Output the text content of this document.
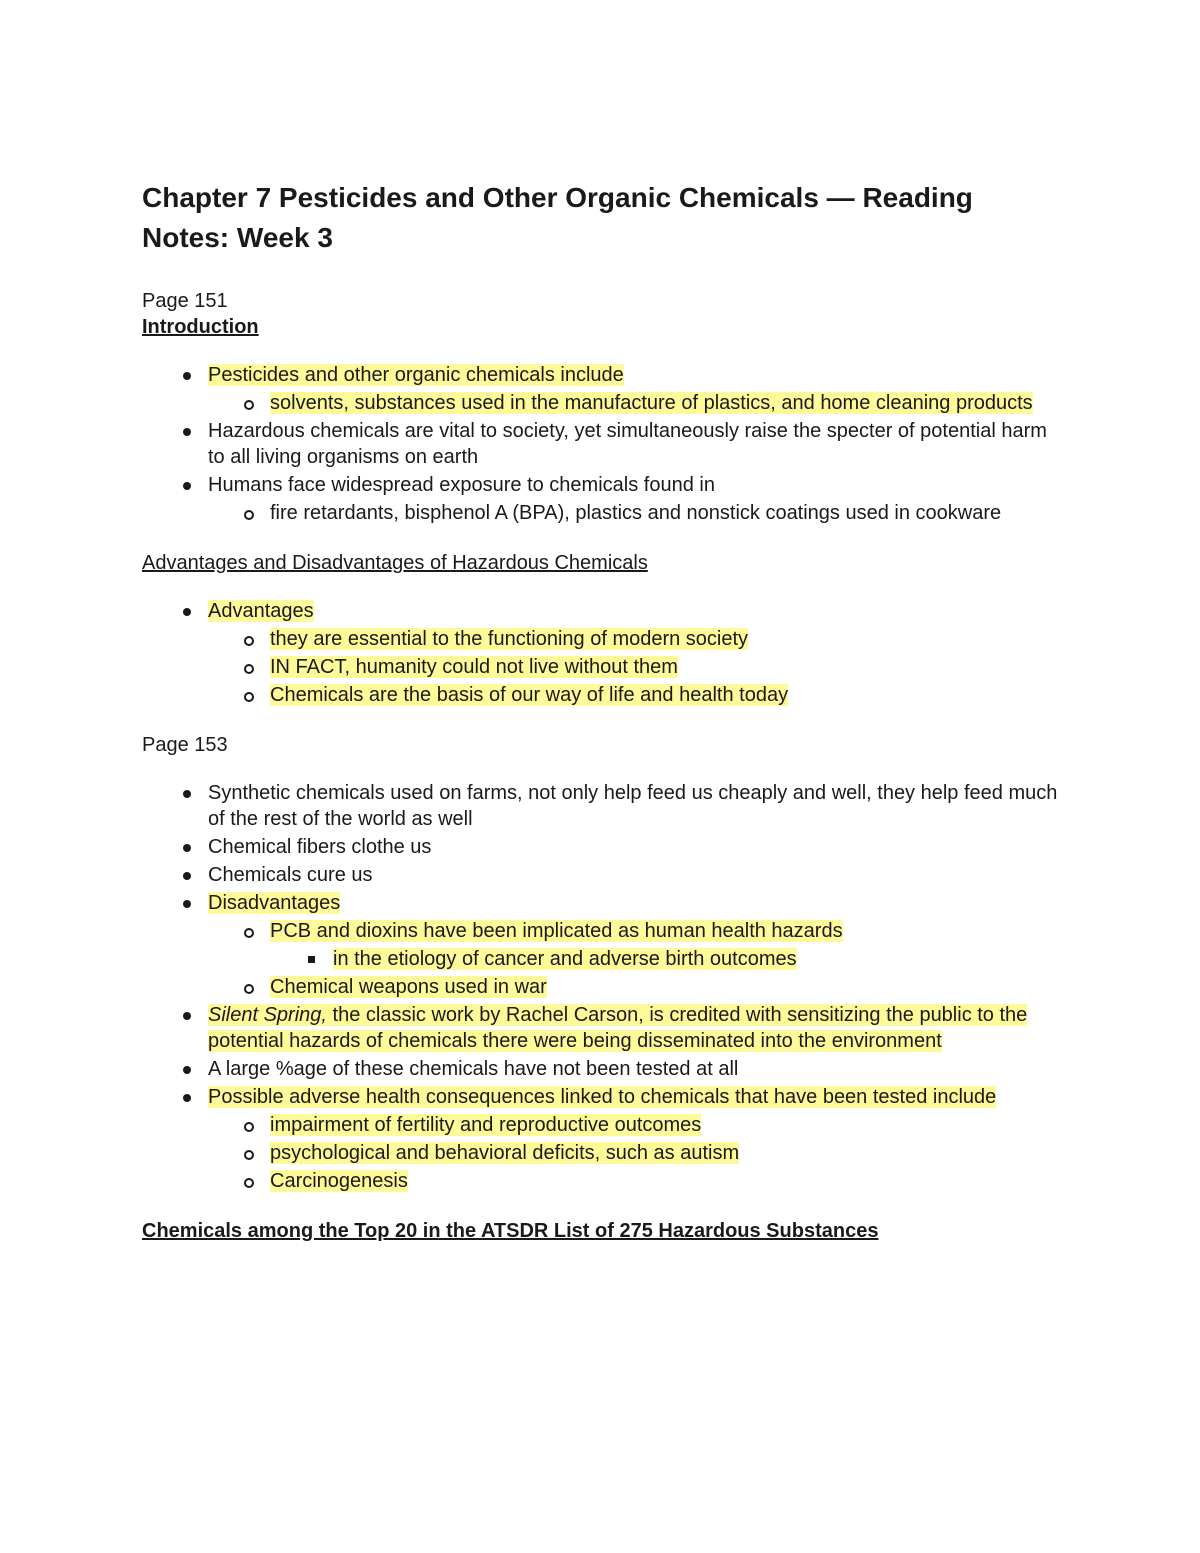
Chapter 7 Pesticides and Other Organic Chemicals — Reading Notes: Week 3

Page 151

Introduction

Pesticides and other organic chemicals include
solvents, substances used in the manufacture of plastics, and home cleaning products
Hazardous chemicals are vital to society, yet simultaneously raise the specter of potential harm to all living organisms on earth
Humans face widespread exposure to chemicals found in
fire retardants, bisphenol A (BPA), plastics and nonstick coatings used in cookware

Advantages and Disadvantages of Hazardous Chemicals

Advantages
they are essential to the functioning of modern society
IN FACT, humanity could not live without them
Chemicals are the basis of our way of life and health today

Page 153

Synthetic chemicals used on farms, not only help feed us cheaply and well, they help feed much of the rest of the world as well
Chemical fibers clothe us
Chemicals cure us
Disadvantages
PCB and dioxins have been implicated as human health hazards
in the etiology of cancer and adverse birth outcomes
Chemical weapons used in war
Silent Spring, the classic work by Rachel Carson, is credited with sensitizing the public to the potential hazards of chemicals there were being disseminated into the environment
A large %age of these chemicals have not been tested at all
Possible adverse health consequences linked to chemicals that have been tested include
impairment of fertility and reproductive outcomes
psychological and behavioral deficits, such as autism
Carcinogenesis

Chemicals among the Top 20 in the ATSDR List of 275 Hazardous Substances
